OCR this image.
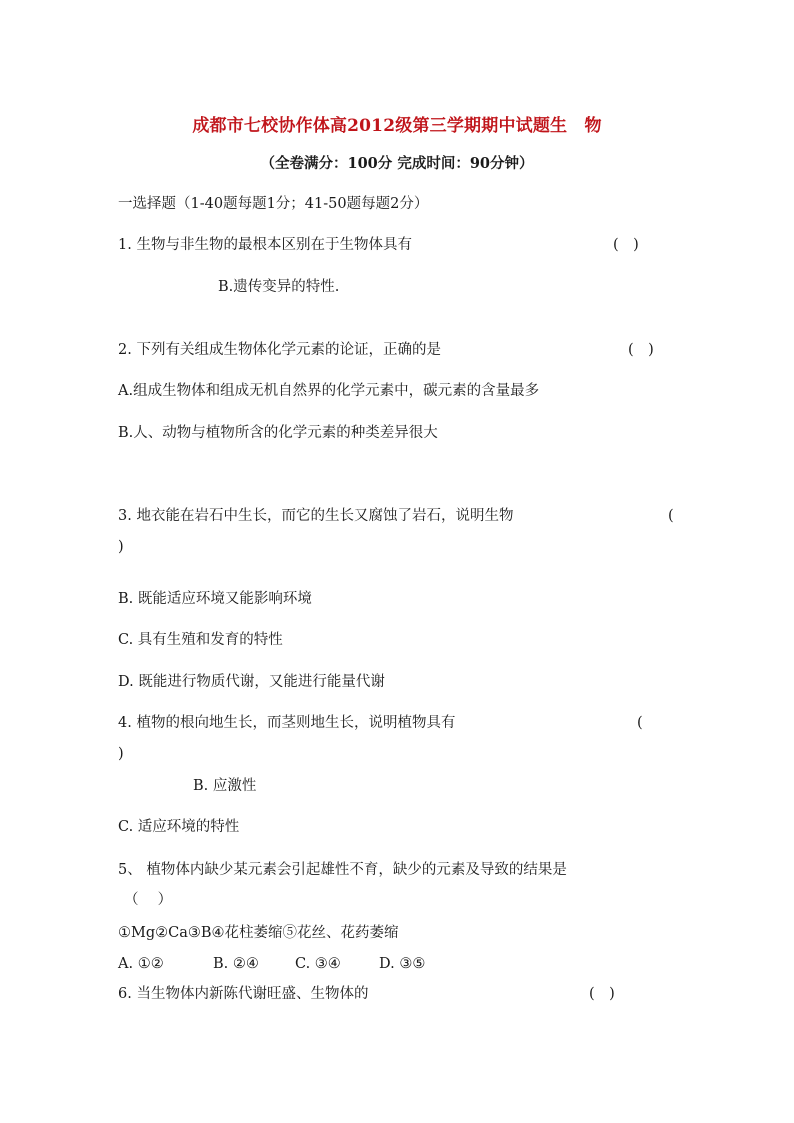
成都市七校协作体高2012级第三学期期中试题生　物
（全卷满分：100分 完成时间：90分钟）
一选择题（1-40题每题1分；41-50题每题2分）
1. 生物与非生物的最根本区别在于生物体具有	(　)
B.遗传变异的特性.
2. 下列有关组成生物体化学元素的论证，正确的是	(　)
A.组成生物体和组成无机自然界的化学元素中，碳元素的含量最多
B.人、动物与植物所含的化学元素的种类差异很大
3. 地衣能在岩石中生长，而它的生长又腐蚀了岩石，说明生物	(
)
B. 既能适应环境又能影响环境
C. 具有生殖和发育的特性
D. 既能进行物质代谢，又能进行能量代谢
4. 植物的根向地生长，而茎则地生长，说明植物具有	(
)
B. 应激性
C. 适应环境的特性
5、 植物体内缺少某元素会引起雄性不育，缺少的元素及导致的结果是
（　 ）
①Mg②Ca③B④花柱萎缩⑤花丝、花药萎缩
A. ①②	B. ②④ C. ③④	D. ③⑤
6. 当生物体内新陈代谢旺盛、生物体的	(　)
